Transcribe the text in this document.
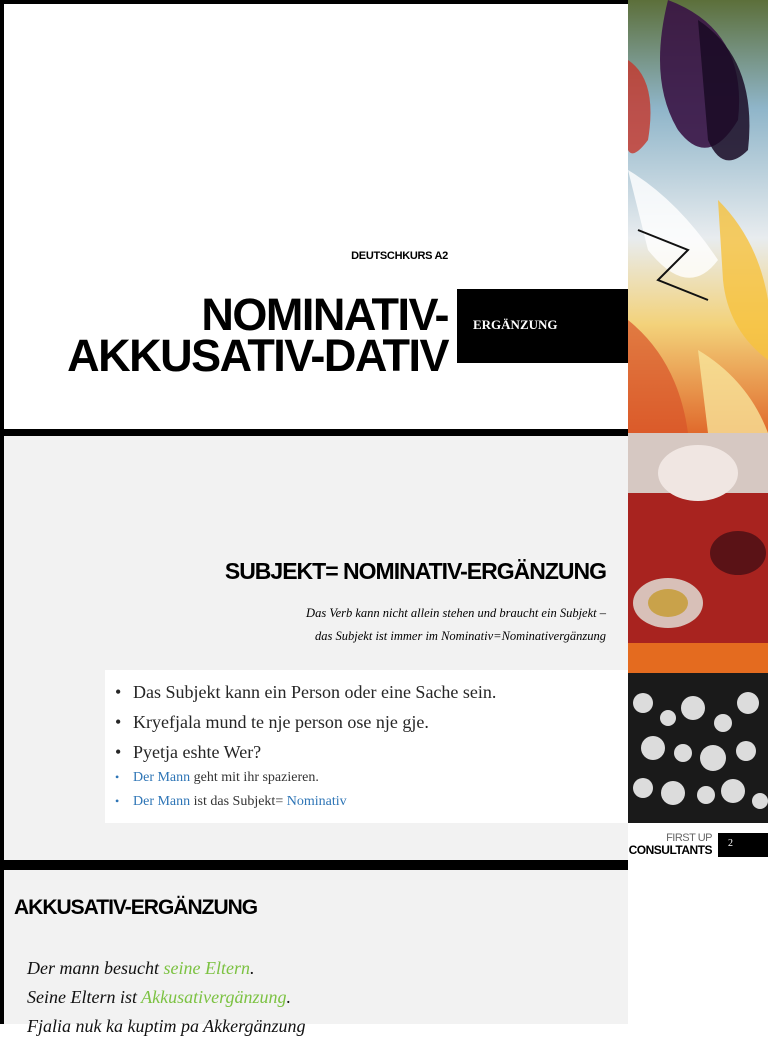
DEUTSCHKURS A2
NOMINATIV-
AKKUSATIV-DATIV
ERGÄNZUNG
SUBJEKT= NOMINATIV-ERGÄNZUNG
Das Verb kann nicht allein stehen und braucht ein Subjekt –
das Subjekt ist immer im Nominativ=Nominativergänzung
• Das Subjekt kann ein Person oder eine Sache sein.
• Kryefjala mund te nje person ose nje gje.
• Pyetja eshte Wer?
• Der Mann geht mit ihr spazieren.
• Der Mann ist das Subjekt= Nominativ
AKKUSATIV-ERGÄNZUNG
Der mann besucht seine Eltern.
Seine Eltern ist Akkusativergänzung.
Fjalia nuk ka kuptim pa Akkergänzung
FIRST UP
CONSULTANTS 2
